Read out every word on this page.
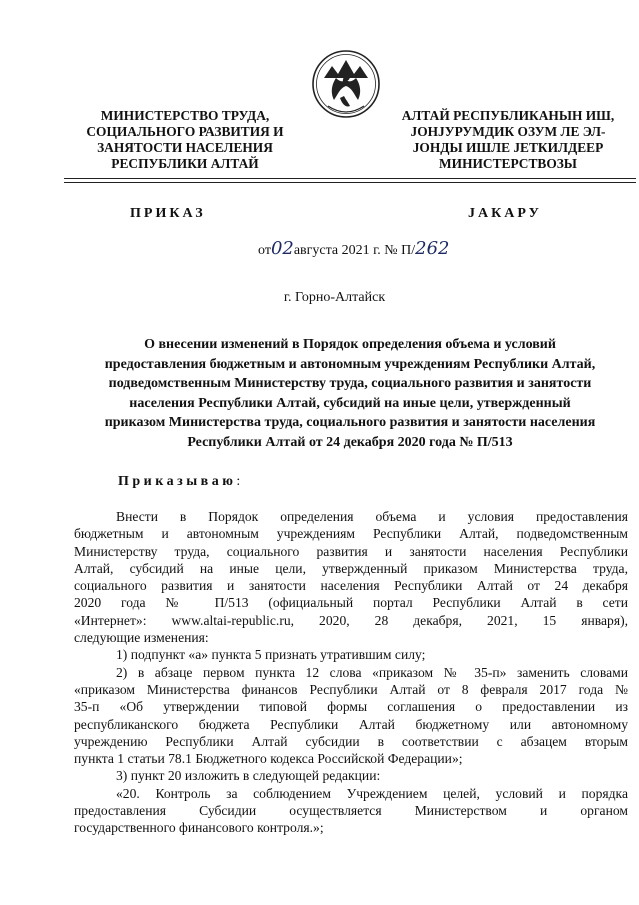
МИНИСТЕРСТВО ТРУДА,
СОЦИАЛЬНОГО РАЗВИТИЯ И
ЗАНЯТОСТИ НАСЕЛЕНИЯ
РЕСПУБЛИКИ АЛТАЙ
АЛТАЙ РЕСПУБЛИКАНЫН ИШ,
ЈОНЈУРУМДИК ОЗУМ ЛЕ ЭЛ-
ЈОНДЫ ИШЛЕ ЈЕТКИЛДЕЕР
МИНИСТЕРСТВОЗЫ
ПРИКАЗ	ЈАКАРУ
от02августа 2021 г. № П/262
г. Горно-Алтайск
О внесении изменений в Порядок определения объема и условий
предоставления бюджетным и автономным учреждениям Республики Алтай,
подведомственным Министерству труда, социального развития и занятости
населения Республики Алтай, субсидий на иные цели, утвержденный
приказом Министерства труда, социального развития и занятости населения
Республики Алтай от 24 декабря 2020 года № П/513
Приказываю:
Внести в Порядок определения объема и условия предоставления
бюджетным и автономным учреждениям Республики Алтай, подведомственным
Министерству труда, социального развития и занятости населения Республики
Алтай, субсидий на иные цели, утвержденный приказом Министерства труда,
социального развития и занятости населения Республики Алтай от 24 декабря
2020 года № П/513 (официальный портал Республики Алтай в сети
«Интернет»: www.altai-republic.ru, 2020, 28 декабря, 2021, 15 января),
следующие изменения:
1) подпункт «а» пункта 5 признать утратившим силу;
2) в абзаце первом пункта 12 слова «приказом № 35-п» заменить словами
«приказом Министерства финансов Республики Алтай от 8 февраля 2017 года №
35-п «Об утверждении типовой формы соглашения о предоставлении из
республиканского бюджета Республики Алтай бюджетному или автономному
учреждению Республики Алтай субсидии в соответствии с абзацем вторым
пункта 1 статьи 78.1 Бюджетного кодекса Российской Федерации»;
3) пункт 20 изложить в следующей редакции:
«20. Контроль за соблюдением Учреждением целей, условий и порядка
предоставления Субсидии осуществляется Министерством и органом
государственного финансового контроля.»;
